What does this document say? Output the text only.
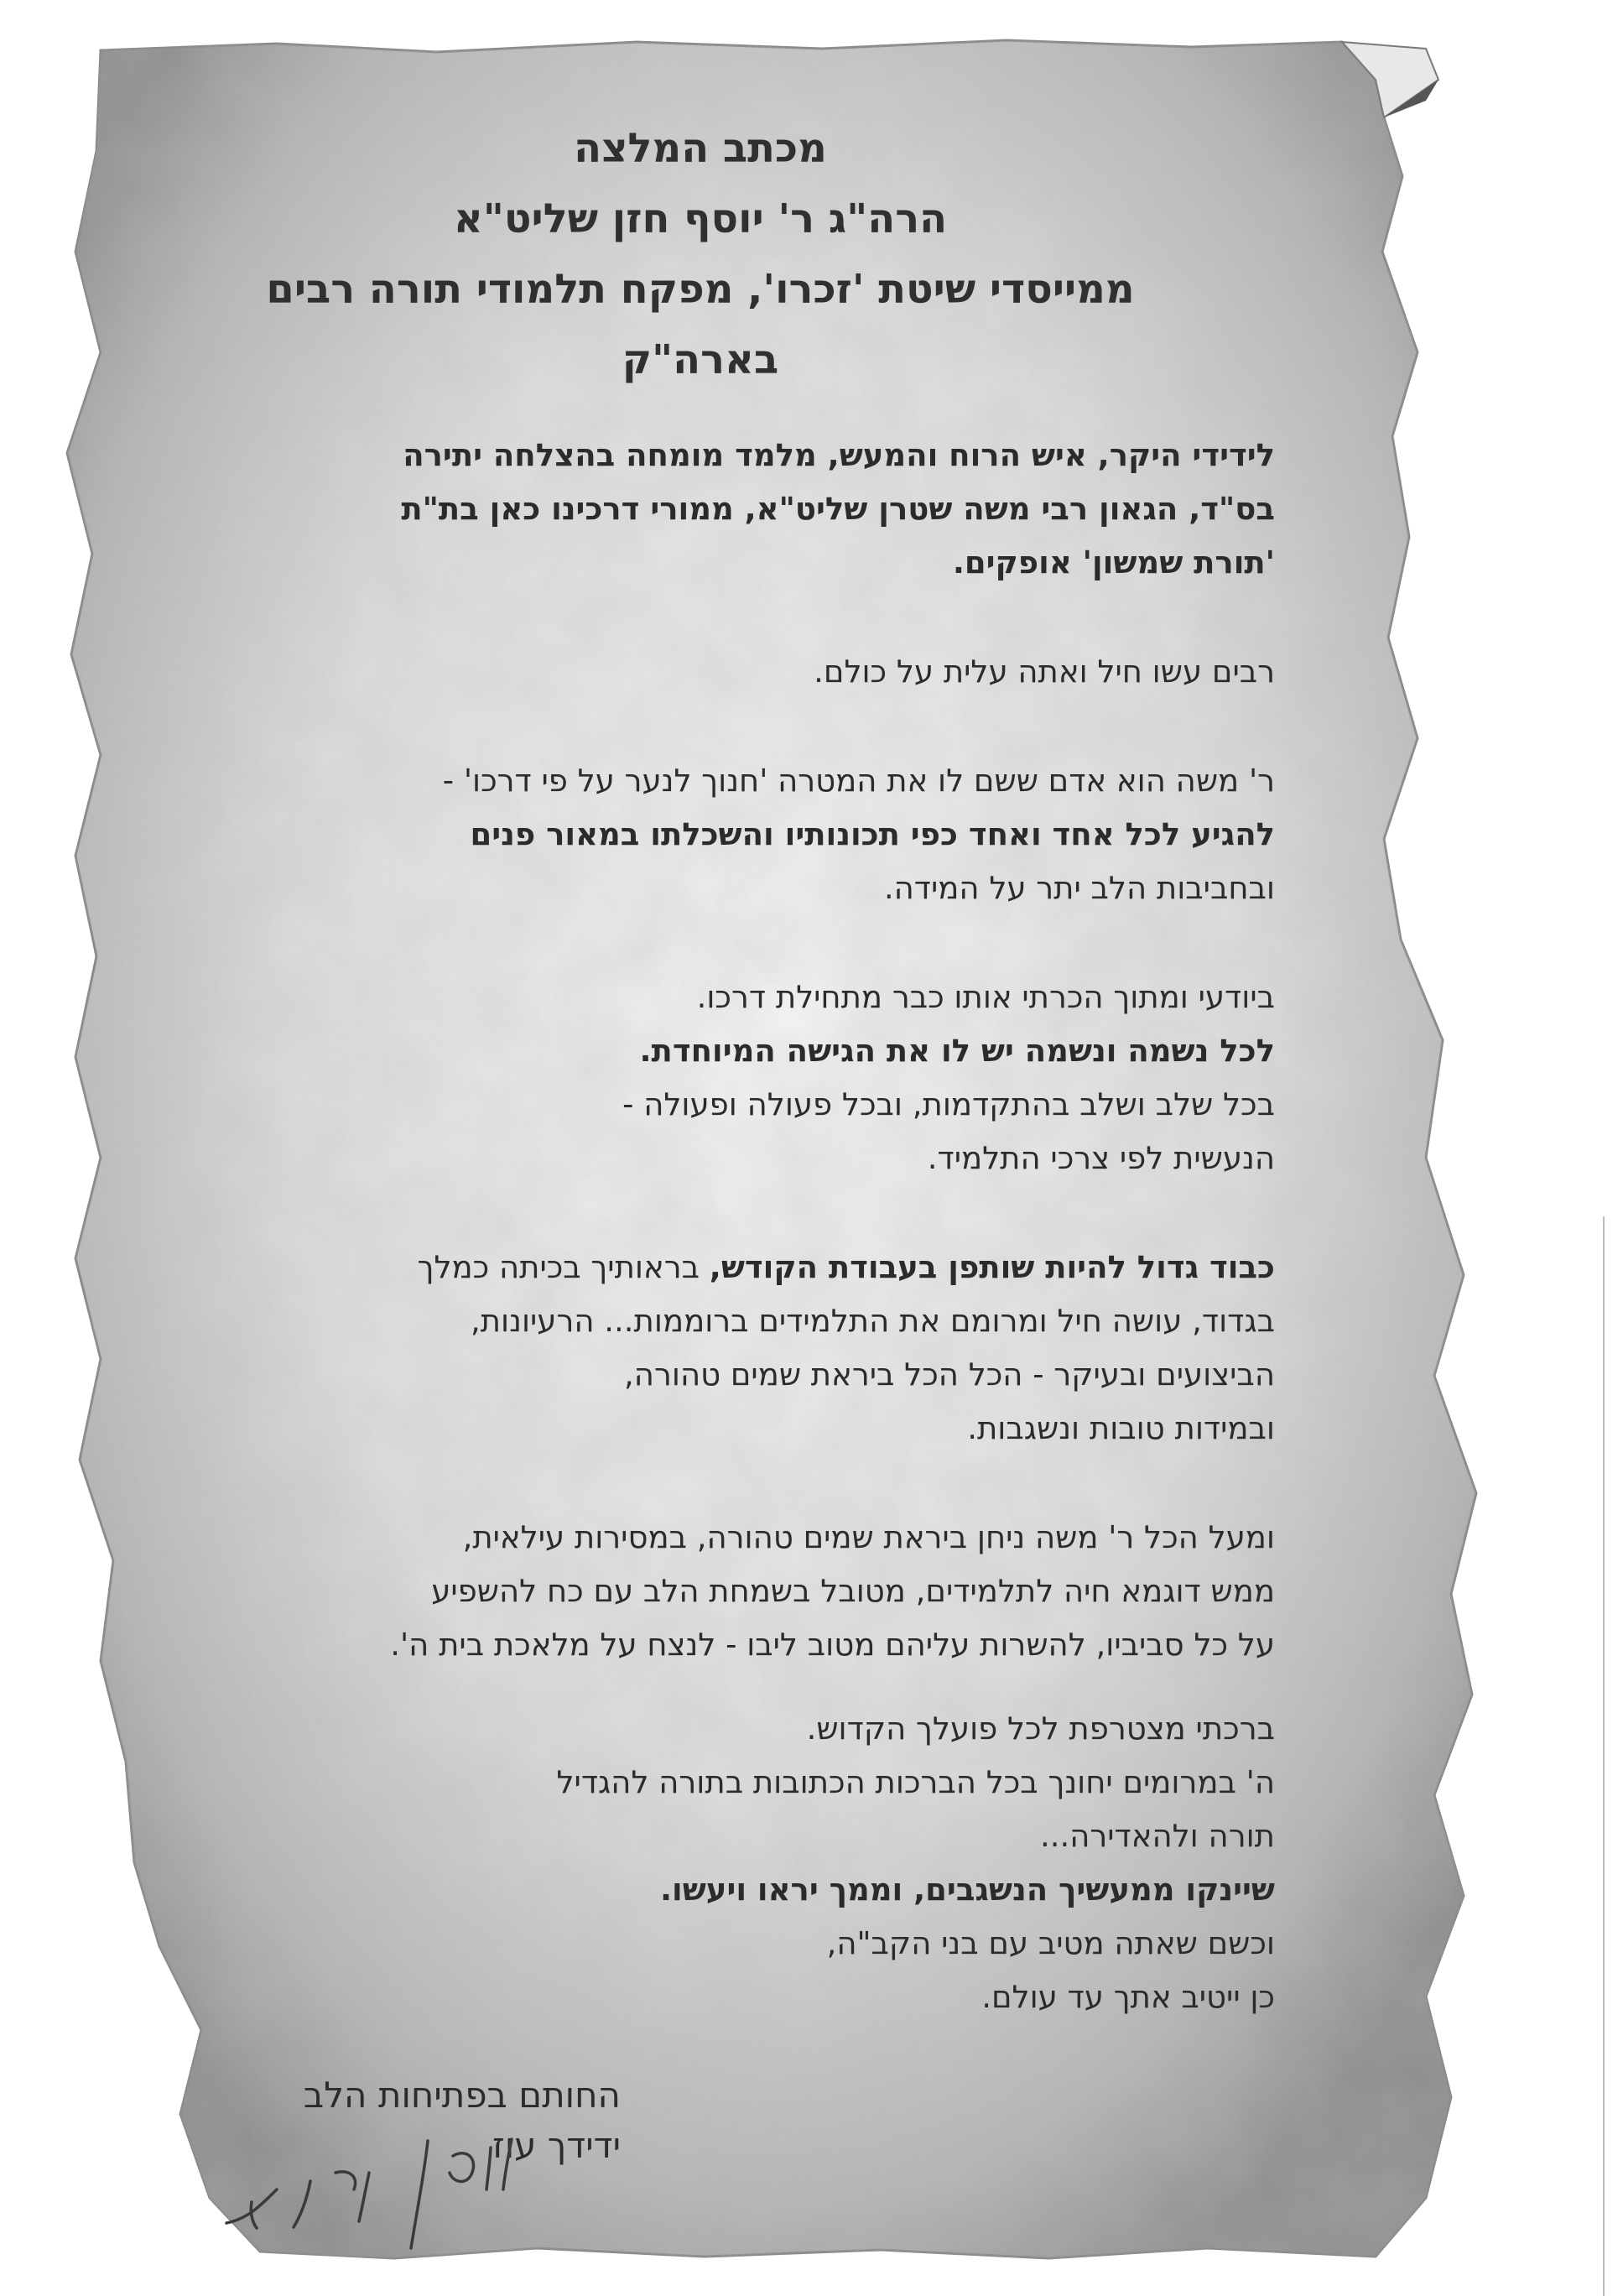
מכתב המלצה
הרה"ג ר' יוסף חזן שליט"א
ממייסדי שיטת 'זכרו', מפקח תלמודי תורה רבים
בארה"ק
לידידי היקר, איש הרוח והמעש, מלמד מומחה בהצלחה יתירה
בס"ד, הגאון רבי משה שטרן שליט"א, ממורי דרכינו כאן בת"ת
'תורת שמשון' אופקים.
רבים עשו חיל ואתה עלית על כולם.
ר' משה הוא אדם ששם לו את המטרה 'חנוך לנער על פי דרכו' -
להגיע לכל אחד ואחד כפי תכונותיו והשכלתו במאור פנים
ובחביבות הלב יתר על המידה.
ביודעי ומתוך הכרתי אותו כבר מתחילת דרכו.
לכל נשמה ונשמה יש לו את הגישה המיוחדת.
בכל שלב ושלב בהתקדמות, ובכל פעולה ופעולה -
הנעשית לפי צרכי התלמיד.
כבוד גדול להיות שותפן בעבודת הקודש, בראותיך בכיתה כמלך
בגדוד, עושה חיל ומרומם את התלמידים ברוממות... הרעיונות,
הביצועים ובעיקר - הכל הכל ביראת שמים טהורה,
ובמידות טובות ונשגבות.
ומעל הכל ר' משה ניחן ביראת שמים טהורה, במסירות עילאית,
ממש דוגמא חיה לתלמידים, מטובל בשמחת הלב עם כח להשפיע
על כל סביביו, להשרות עליהם מטוב ליבו - לנצח על מלאכת בית ה'.
ברכתי מצטרפת לכל פועלך הקדוש.
ה' במרומים יחונך בכל הברכות הכתובות בתורה להגדיל
תורה ולהאדירה...
שיינקו ממעשיך הנשגבים, וממך יראו ויעשו.
וכשם שאתה מטיב עם בני הקב"ה,
כן ייטיב אתך עד עולם.
החותם בפתיחות הלב
ידידך עוז
